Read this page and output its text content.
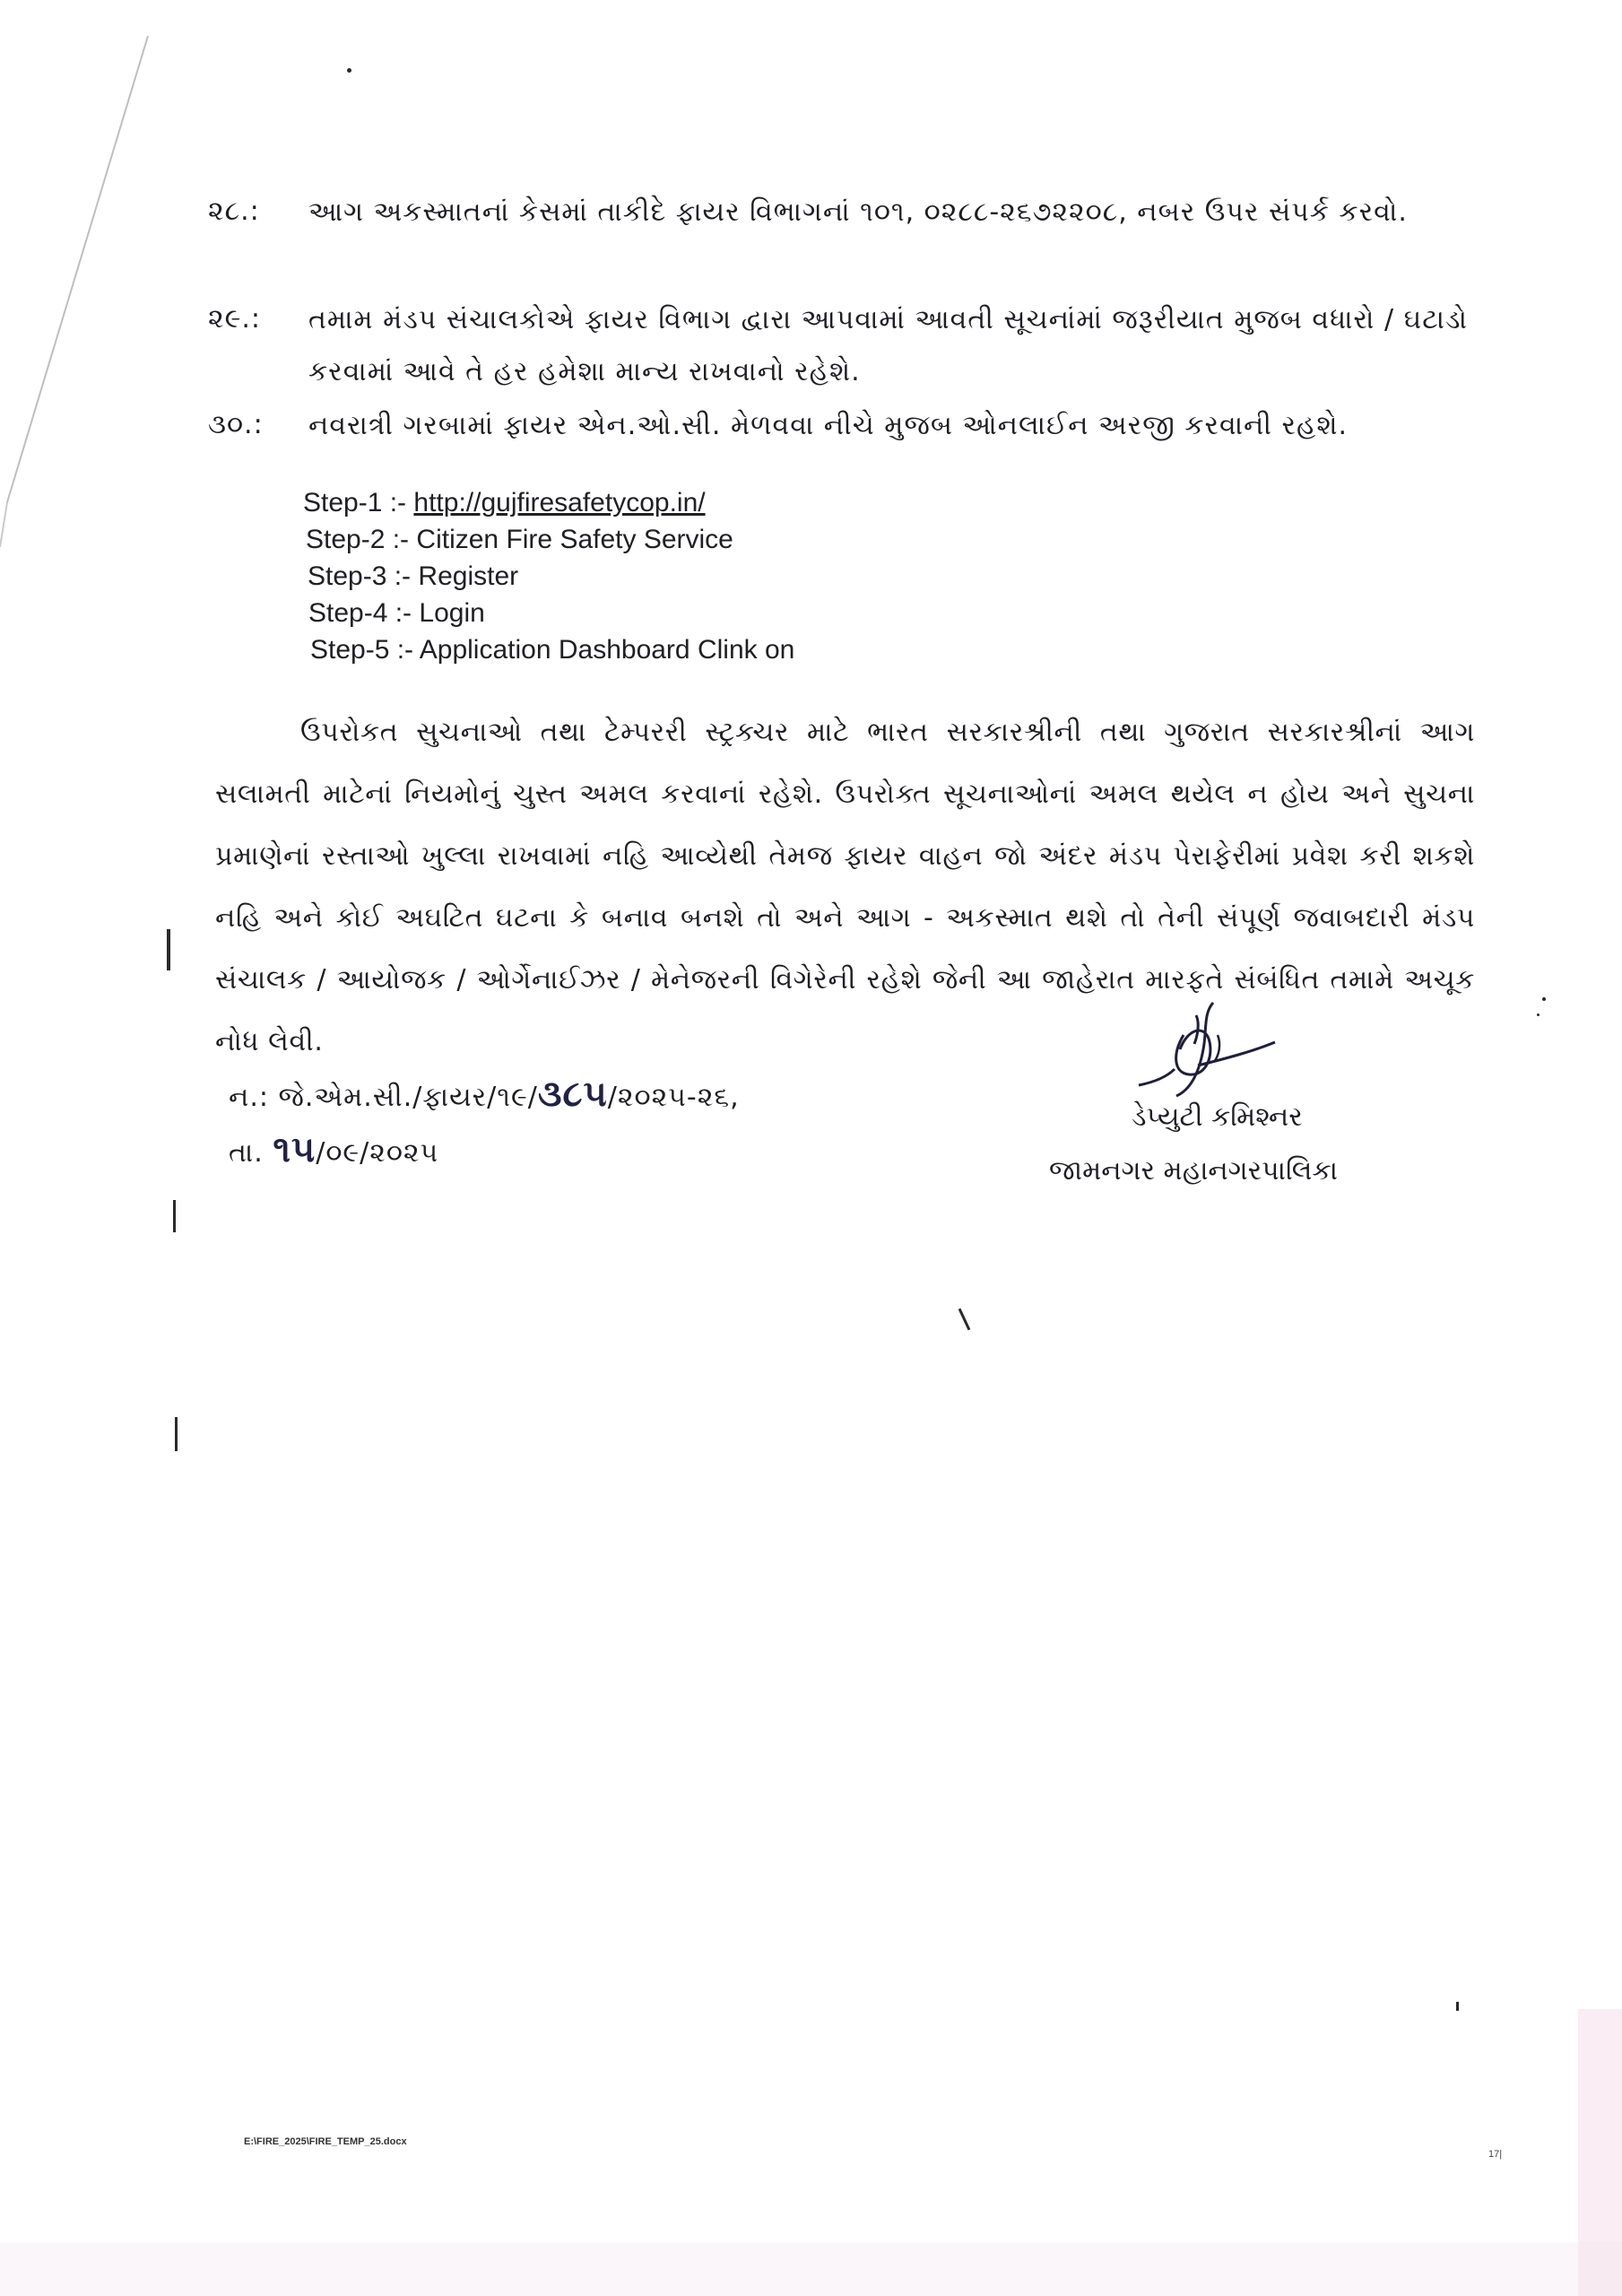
૨૮.: આગ અકસ્માતનાં કેસમાં તાકીદે ફાયર વિભાગનાં ૧૦૧, ૦૨૮૮-૨૬૭૨૨૦૮, નબર ઉપર સંપર્ક કરવો.
૨૯.: તમામ મંડપ સંચાલકોએ ફાયર વિભાગ દ્વારા આપવામાં આવતી સૂચનાંમાં જરૂરીયાત મુજબ વધારો / ઘટાડો કરવામાં આવે તે હર હમેશા માન્ય રાખવાનો રહેશે.
૩૦.: નવરાત્રી ગરબામાં ફાયર એન.ઓ.સી. મેળવવા નીચે મુજબ ઓનલાઈન અરજી કરવાની રહશે.
Step-1 :- http://gujfiresafetycop.in/
Step-2 :- Citizen Fire Safety Service
Step-3 :- Register
Step-4 :- Login
Step-5 :- Application Dashboard Clink on
ઉપરોકત સુચનાઓ તથા ટેમ્પરરી સ્ટ્રક્ચર માટે ભારત સરકારશ્રીની તથા ગુજરાત સરકારશ્રીનાં આગ સલામતી માટેનાં નિયમોનું ચુસ્ત અમલ કરવાનાં રહેશે. ઉપરોક્ત સૂચનાઓનાં અમલ થયેલ ન હોય અને સુચના પ્રમાણેનાં રસ્તાઓ ખુલ્લા રાખવામાં નહિ આવ્યેથી તેમજ ફાયર વાહન જો અંદર મંડપ પેરાફેરીમાં પ્રવેશ કરી શકશે નહિ અને કોઈ અઘટિત ઘટના કે બનાવ બનશે તો અને આગ - અકસ્માત થશે તો તેની સંપૂર્ણ જવાબદારી મંડપ સંચાલક / આયોજક / ઓર્ગેનાઈઝર / મેનેજરની વિગેરેની રહેશે જેની આ જાહેરાત મારફતે સંબંધિત તમામે અચૂક નોધ લેવી.
ન.: જે.એમ.સી./ફાયર/૧૯/૩૮૫/૨૦૨૫-૨૬,
તા. ૧૫/૦૯/૨૦૨૫
ડેપ્યુટી કમિશ્નર
જામનગર મહાનગરપાલિકા
E:\FIRE_2025\FIRE_TEMP_25.docx
17|
